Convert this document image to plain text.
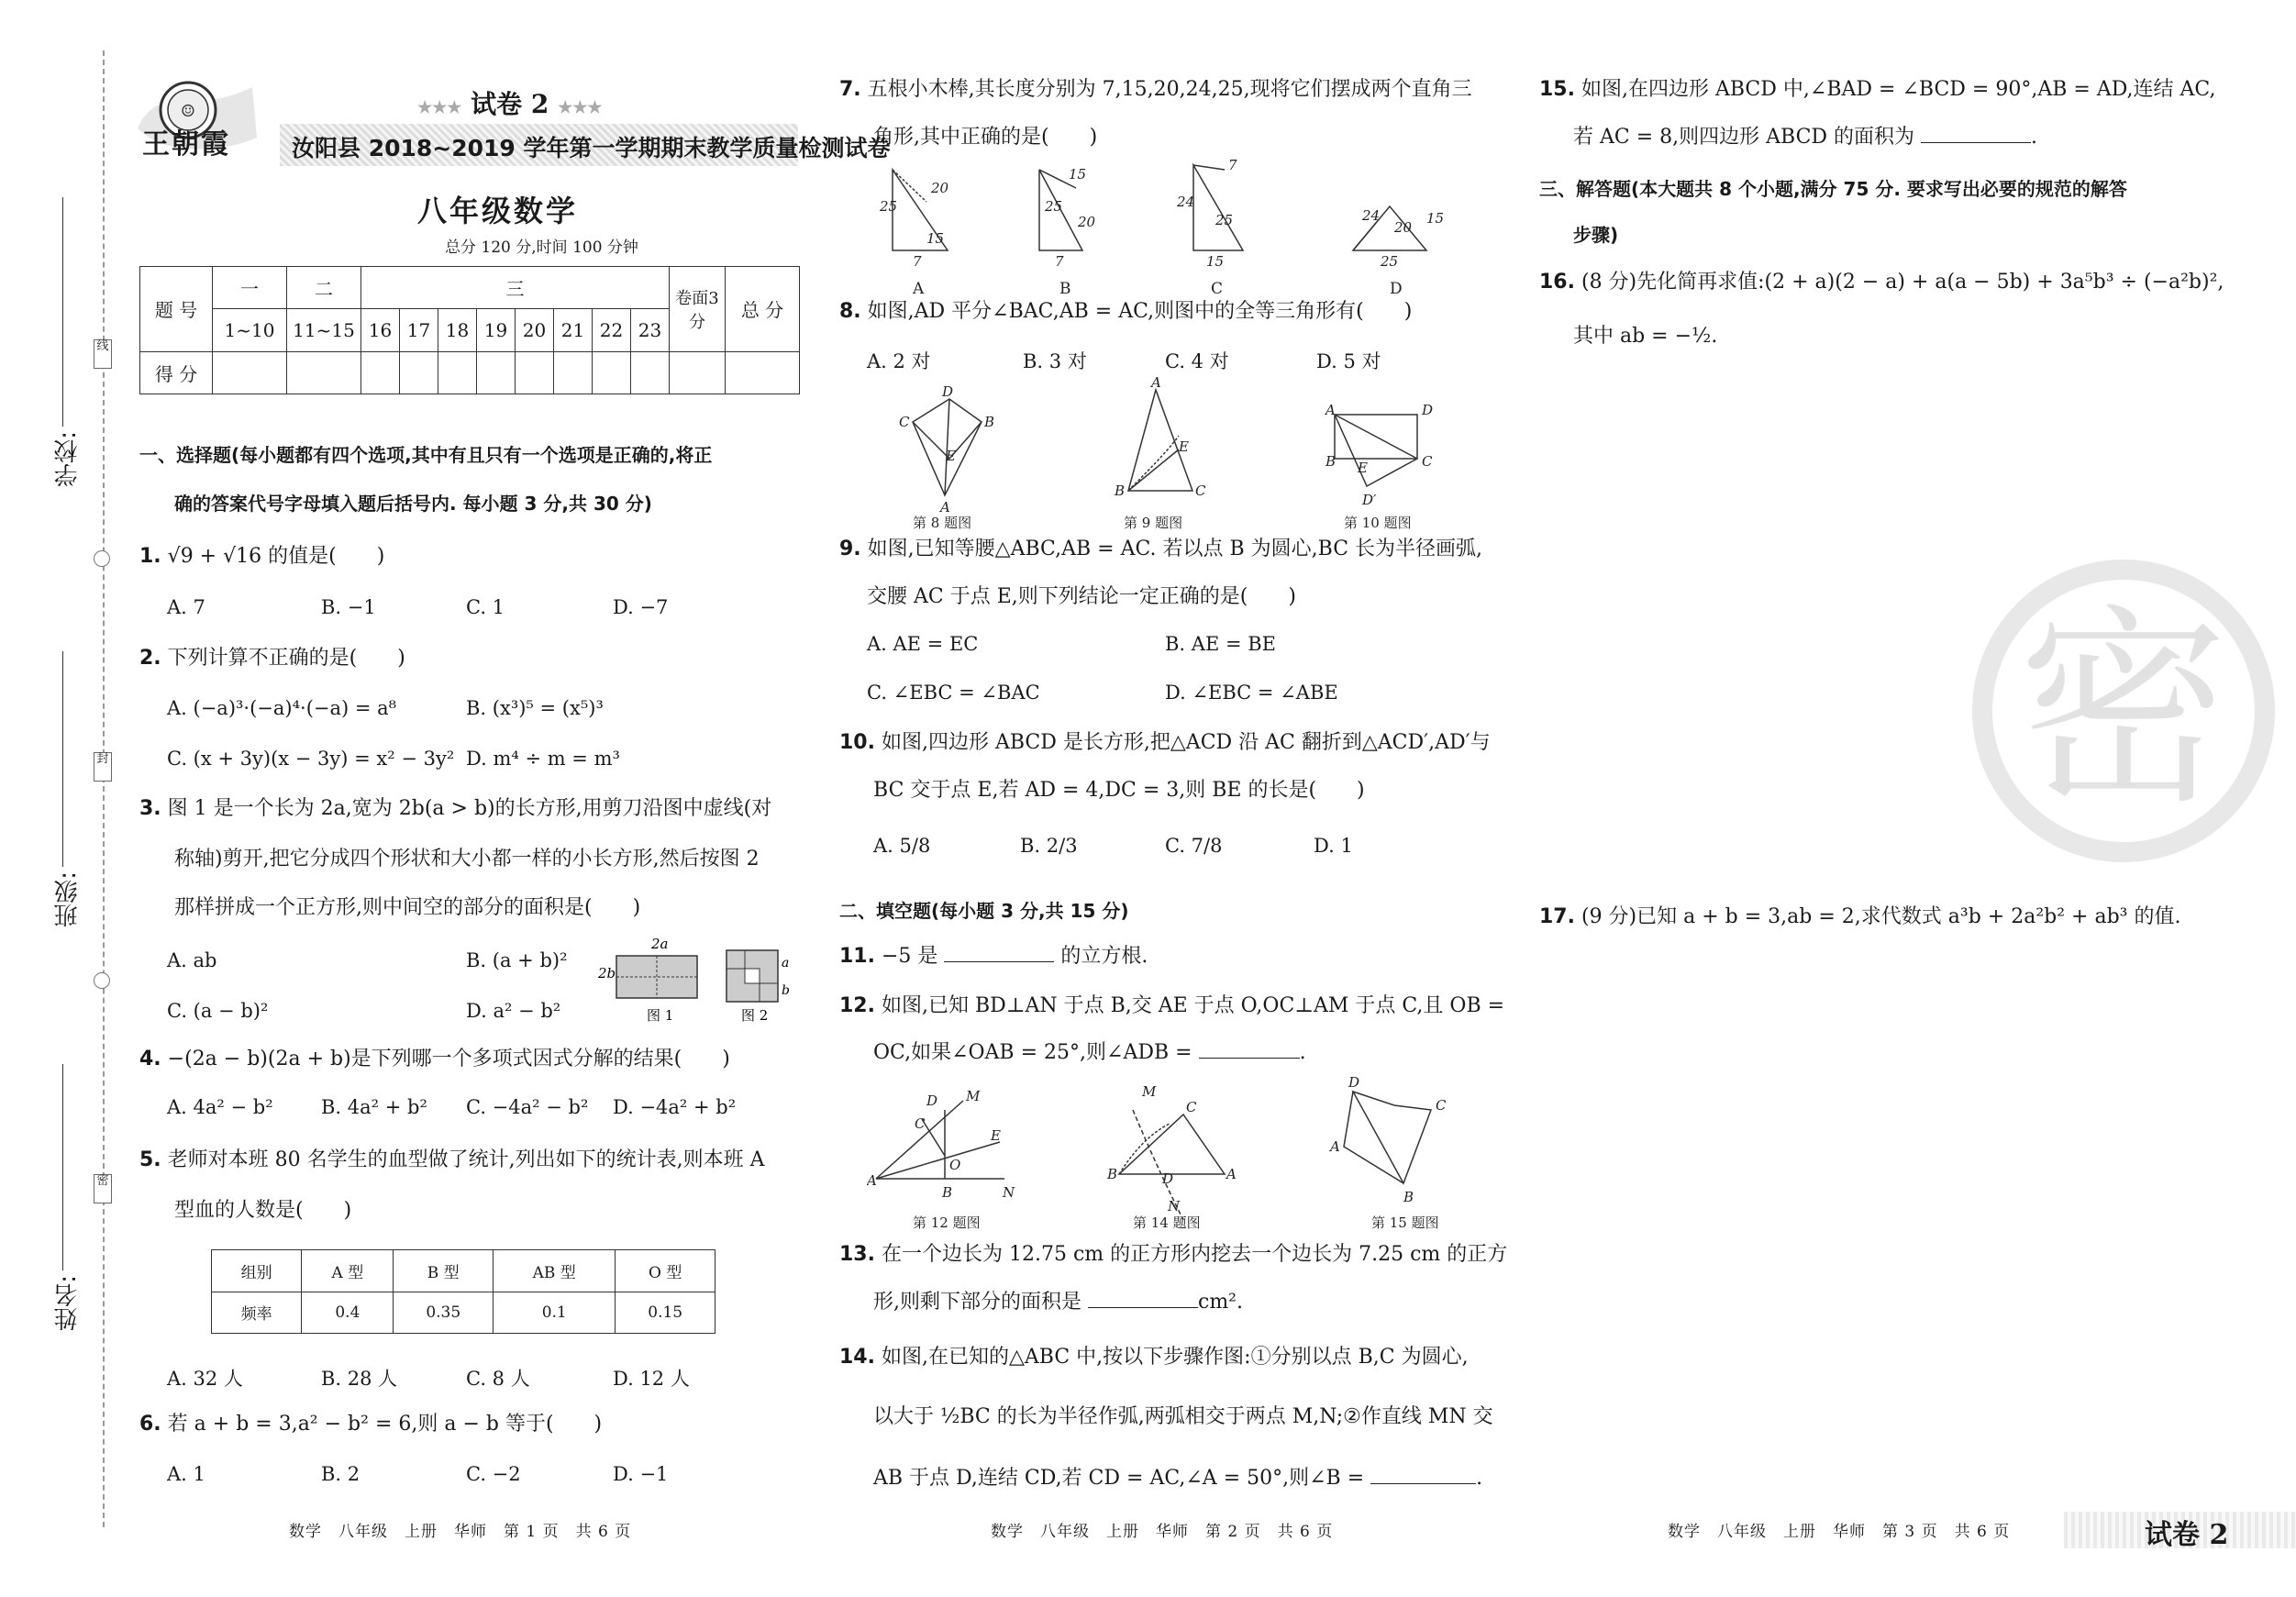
学校:
班级:
姓名:
线
封
密
☺
王朝霞
★★★ 试卷 2 ★★★
汝阳县 2018~2019 学年第一学期期末教学质量检测试卷
八年级数学
总分 120 分,时间 100 分钟
题 号	一	二	三								卷面3分	总 分
	1~10	11~15	16	17	18	19	20	21	22	23		
得 分												
一、选择题(每小题都有四个选项,其中有且只有一个选项是正确的,将正
确的答案代号字母填入题后括号内. 每小题 3 分,共 30 分)
1. √9 + √16 的值是(　　)
A. 7	B. −1	C. 1	D. −7
2. 下列计算不正确的是(　　)
A. (−a)³·(−a)⁴·(−a) = a⁸	B. (x³)⁵ = (x⁵)³
C. (x + 3y)(x − 3y) = x² − 3y² D. m⁴ ÷ m = m³
3. 图 1 是一个长为 2a,宽为 2b(a > b)的长方形,用剪刀沿图中虚线(对
称轴)剪开,把它分成四个形状和大小都一样的小长方形,然后按图 2
那样拼成一个正方形,则中间空的部分的面积是(　　)
A. ab	B. (a + b)²
C. (a − b)²	D. a² − b²
2a
2b
a
b
图 1	图 2
4. −(2a − b)(2a + b)是下列哪一个多项式因式分解的结果(　　)
A. 4a² − b² B. 4a² + b² C. −4a² − b² D. −4a² + b²
5. 老师对本班 80 名学生的血型做了统计,列出如下的统计表,则本班 A
型血的人数是(　　)
组别	A 型	B 型	AB 型	O 型
频率	0.4	0.35	0.1	0.15
A. 32 人	B. 28 人	C. 8 人	D. 12 人
6. 若 a + b = 3,a² − b² = 6,则 a − b 等于(　　)
A. 1	B. 2	C. −2	D. −1
数学　八年级　上册　华师　第 1 页　共 6 页
7. 五根小木棒,其长度分别为 7,15,20,24,25,现将它们摆成两个直角三
角形,其中正确的是(　　)
25
20
15
7
25
15
20
7
24
7
25
15
24
20
15
25
A	B	C	D
8. 如图,AD 平分∠BAC,AB = AC,则图中的全等三角形有(　　)
A. 2 对	B. 3 对	C. 4 对	D. 5 对
D
C	B
E
A
A
B	C
E
A	D
B	C
E
D′
第 8 题图	第 9 题图	第 10 题图
9. 如图,已知等腰△ABC,AB = AC. 若以点 B 为圆心,BC 长为半径画弧,
交腰 AC 于点 E,则下列结论一定正确的是(　　)
A. AE = EC	B. AE = BE
C. ∠EBC = ∠BAC	D. ∠EBC = ∠ABE
10. 如图,四边形 ABCD 是长方形,把△ACD 沿 AC 翻折到△ACD′,AD′与
BC 交于点 E,若 AD = 4,DC = 3,则 BE 的长是(　　)
A. 5/8	B. 2/3	C. 7/8	D. 1
二、填空题(每小题 3 分,共 15 分)
11. −5 是	的立方根.
12. 如图,已知 BD⊥AN 于点 B,交 AE 于点 O,OC⊥AM 于点 C,且 OB =
OC,如果∠OAB = 25°,则∠ADB =	.
D M
C
E
O
A
B	N
M
C
B	A
D
N
D
C
A
B
第 12 题图	第 14 题图	第 15 题图
13. 在一个边长为 12.75 cm 的正方形内挖去一个边长为 7.25 cm 的正方
形,则剩下部分的面积是	cm².
14. 如图,在已知的△ABC 中,按以下步骤作图:①分别以点 B,C 为圆心,
以大于 ½BC 的长为半径作弧,两弧相交于两点 M,N;②作直线 MN 交
AB 于点 D,连结 CD,若 CD = AC,∠A = 50°,则∠B =	.
数学　八年级　上册　华师　第 2 页　共 6 页
15. 如图,在四边形 ABCD 中,∠BAD = ∠BCD = 90°,AB = AD,连结 AC,
若 AC = 8,则四边形 ABCD 的面积为	.
三、解答题(本大题共 8 个小题,满分 75 分. 要求写出必要的规范的解答
步骤)
16. (8 分)先化简再求值:(2 + a)(2 − a) + a(a − 5b) + 3a⁵b³ ÷ (−a²b)²,
其中 ab = −½.
17. (9 分)已知 a + b = 3,ab = 2,求代数式 a³b + 2a²b² + ab³ 的值.
密
数学　八年级　上册　华师　第 3 页　共 6 页	试卷 2
